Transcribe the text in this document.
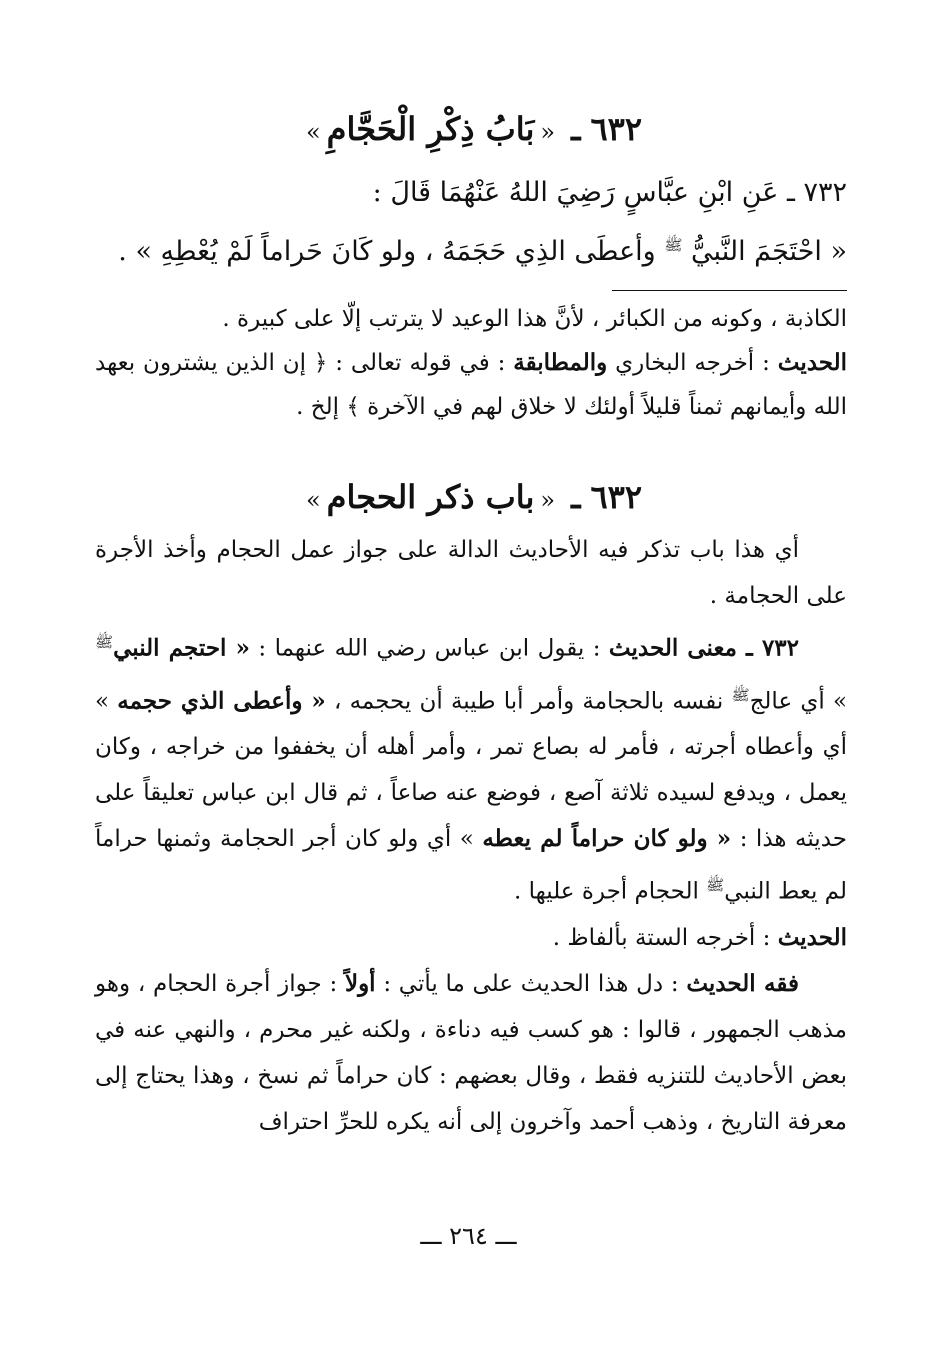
٦٣٢ـ«بَابُ ذِكْرِ الْحَجَّامِ»

٧٣٢ ـ عَنِ ابْنِ عبَّاسٍ رَضِيَ اللهُ عَنْهُمَا قَالَ :

« احْتَجَمَ النَّبيُّ $^ﷺ$ وأعطَى الذِي حَجَمَهُ ، ولو كَانَ حَراماً لَمْ يُعْطِهِ » .

الكاذبة ، وكونه من الكبائر ، لأنَّ هذا الوعيد لا يترتب إلّا على كبيرة .

الحديث : أخرجه البخاري والمطابقة : في قوله تعالى : ﴿ إن الذين يشترون بعهد الله وأيمانهم ثمناً قليلاً أولئك لا خلاق لهم في الآخرة ﴾ إلخ .

٦٣٢ـ«باب ذكر الحجام»

أي هذا باب تذكر فيه الأحاديث الدالة على جواز عمل الحجام وأخذ الأجرة على الحجامة .

٧٣٢ ـ معنى الحديث : يقول ابن عباس رضي الله عنهما : « احتجم النبي$^ﷺ$ » أي عالج$^ﷺ$ نفسه بالحجامة وأمر أبا طيبة أن يحجمه ، « وأعطى الذي حجمه » أي وأعطاه أجرته ، فأمر له بصاع تمر ، وأمر أهله أن يخففوا من خراجه ، وكان يعمل ، ويدفع لسيده ثلاثة آصع ، فوضع عنه صاعاً ، ثم قال ابن عباس تعليقاً على حديثه هذا : « ولو كان حراماً لم يعطه » أي ولو كان أجر الحجامة وثمنها حراماً لم يعط النبي$^ﷺ$ الحجام أجرة عليها .

الحديث : أخرجه الستة بألفاظ .

فقه الحديث : دل هذا الحديث على ما يأتي : أولاً : جواز أجرة الحجام ، وهو مذهب الجمهور ، قالوا : هو كسب فيه دناءة ، ولكنه غير محرم ، والنهي عنه في بعض الأحاديث للتنزيه فقط ، وقال بعضهم : كان حراماً ثم نسخ ، وهذا يحتاج إلى معرفة التاريخ ، وذهب أحمد وآخرون إلى أنه يكره للحرِّ احتراف

ـــ ٢٦٤ ـــ
